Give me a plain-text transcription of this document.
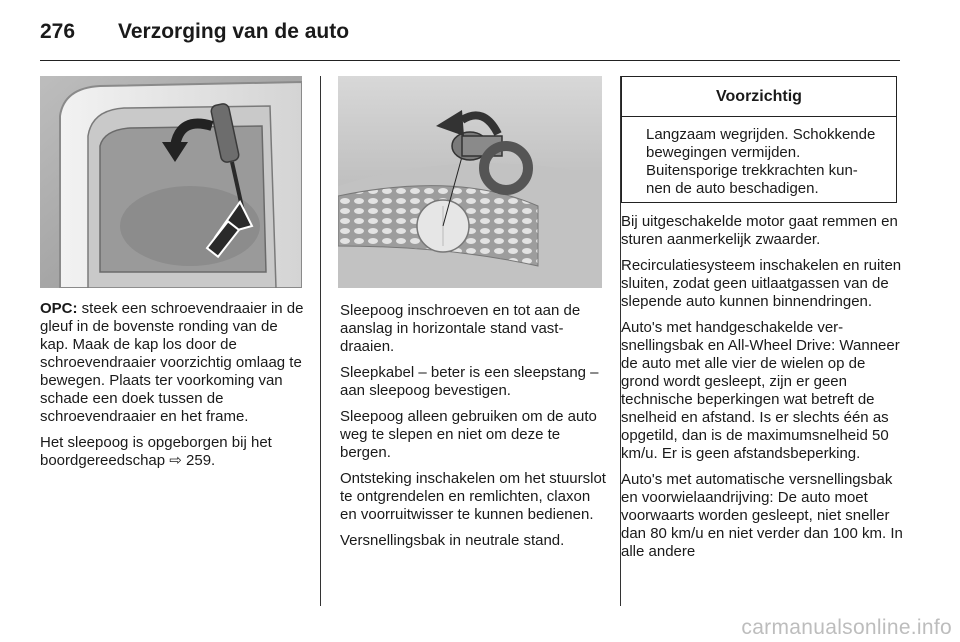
276 Verzorging van de auto

OPC: steek een schroevendraaier in de gleuf in de bovenste ronding van de kap. Maak de kap los door de schroevendraaier voorzichtig omlaag te bewegen. Plaats ter voorkoming van schade een doek tussen de schroevendraaier en het frame.

Het sleepoog is opgeborgen bij het boordgereedschap ⇨ 259.

Sleepoog inschroeven en tot aan de aanslag in horizontale stand vastdraaien.

Sleepkabel – beter is een sleepstang – aan sleepoog bevestigen.

Sleepoog alleen gebruiken om de auto weg te slepen en niet om deze te bergen.

Ontsteking inschakelen om het stuurslot te ontgrendelen en remlichten, claxon en voorruitwisser te kunnen bedienen.

Versnellingsbak in neutrale stand.

Voorzichtig
Langzaam wegrijden. Schokkende bewegingen vermijden. Buitensporige trekkrachten kunnen de auto beschadigen.

Bij uitgeschakelde motor gaat remmen en sturen aanmerkelijk zwaarder.

Recirculatiesysteem inschakelen en ruiten sluiten, zodat geen uitlaatgassen van de slepende auto kunnen binnendringen.

Auto's met handgeschakelde versnellingsbak en All-Wheel Drive: Wanneer de auto met alle vier de wielen op de grond wordt gesleept, zijn er geen technische beperkingen wat betreft de snelheid en afstand. Is er slechts één as opgetild, dan is de maximumsnelheid 50 km/u. Er is geen afstandsbeperking.

Auto's met automatische versnellingsbak en voorwielaandrijving: De auto moet voorwaarts worden gesleept, niet sneller dan 80 km/u en niet verder dan 100 km. In alle andere

carmanualsonline.info
